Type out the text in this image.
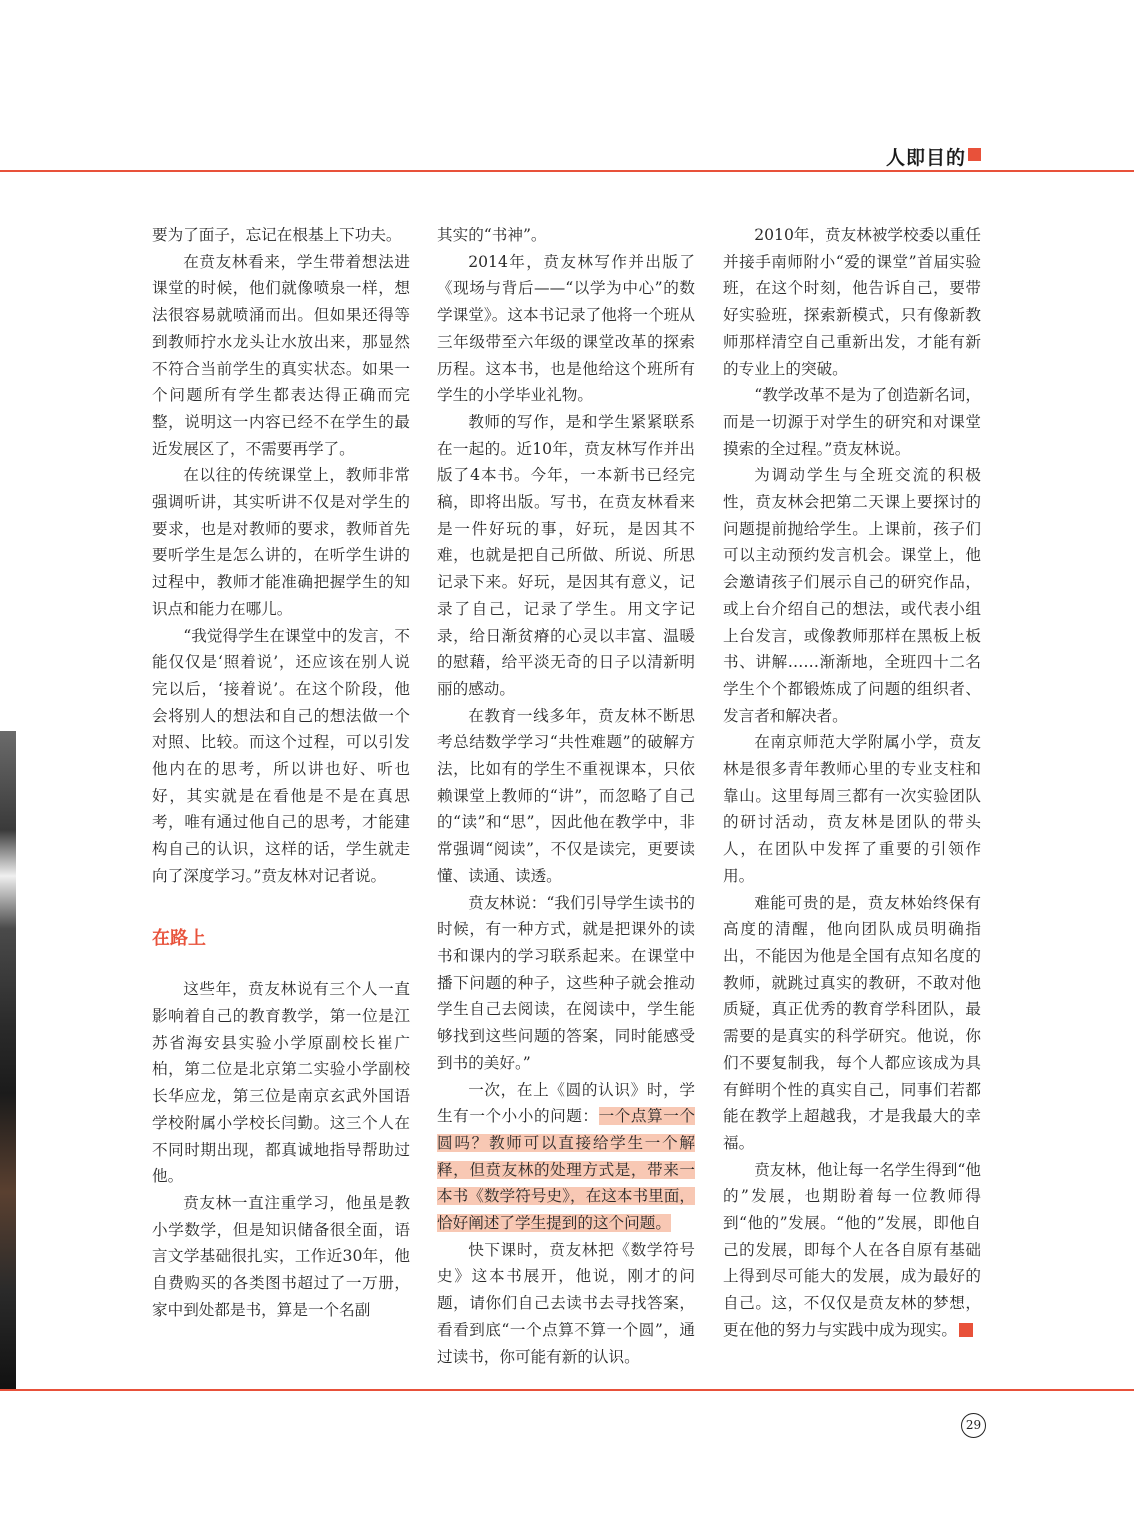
人即目的

要为了面子，忘记在根基上下功夫。

在贲友林看来，学生带着想法进课堂的时候，他们就像喷泉一样，想法很容易就喷涌而出。但如果还得等到教师拧水龙头让水放出来，那显然不符合当前学生的真实状态。如果一个问题所有学生都表达得正确而完整，说明这一内容已经不在学生的最近发展区了，不需要再学了。

在以往的传统课堂上，教师非常强调听讲，其实听讲不仅是对学生的要求，也是对教师的要求，教师首先要听学生是怎么讲的，在听学生讲的过程中，教师才能准确把握学生的知识点和能力在哪儿。

“我觉得学生在课堂中的发言，不能仅仅是‘照着说’，还应该在别人说完以后，‘接着说’。在这个阶段，他会将别人的想法和自己的想法做一个对照、比较。而这个过程，可以引发他内在的思考，所以讲也好、听也好，其实就是在看他是不是在真思考，唯有通过他自己的思考，才能建构自己的认识，这样的话，学生就走向了深度学习。”贲友林对记者说。

在路上

这些年，贲友林说有三个人一直影响着自己的教育教学，第一位是江苏省海安县实验小学原副校长崔广柏，第二位是北京第二实验小学副校长华应龙，第三位是南京玄武外国语学校附属小学校长闫勤。这三个人在不同时期出现，都真诚地指导帮助过他。

贲友林一直注重学习，他虽是教小学数学，但是知识储备很全面，语言文学基础很扎实，工作近30年，他自费购买的各类图书超过了一万册，家中到处都是书，算是一个名副

其实的“书神”。

2014年，贲友林写作并出版了《现场与背后——“以学为中心”的数学课堂》。这本书记录了他将一个班从三年级带至六年级的课堂改革的探索历程。这本书，也是他给这个班所有学生的小学毕业礼物。

教师的写作，是和学生紧紧联系在一起的。近10年，贲友林写作并出版了4本书。今年，一本新书已经完稿，即将出版。写书，在贲友林看来是一件好玩的事，好玩，是因其不难，也就是把自己所做、所说、所思记录下来。好玩，是因其有意义，记录了自己，记录了学生。用文字记录，给日渐贫瘠的心灵以丰富、温暖的慰藉，给平淡无奇的日子以清新明丽的感动。

在教育一线多年，贲友林不断思考总结数学学习“共性难题”的破解方法，比如有的学生不重视课本，只依赖课堂上教师的“讲”，而忽略了自己的“读”和“思”，因此他在教学中，非常强调“阅读”，不仅是读完，更要读懂、读通、读透。

贲友林说：“我们引导学生读书的时候，有一种方式，就是把课外的读书和课内的学习联系起来。在课堂中播下问题的种子，这些种子就会推动学生自己去阅读，在阅读中，学生能够找到这些问题的答案，同时能感受到书的美好。”

一次，在上《圆的认识》时，学生有一个小小的问题：一个点算一个圆吗？教师可以直接给学生一个解释，但贲友林的处理方式是，带来一本书《数学符号史》，在这本书里面，恰好阐述了学生提到的这个问题。

快下课时，贲友林把《数学符号史》这本书展开，他说，刚才的问题，请你们自己去读书去寻找答案，看看到底“一个点算不算一个圆”，通过读书，你可能有新的认识。

2010年，贲友林被学校委以重任并接手南师附小“爱的课堂”首届实验班，在这个时刻，他告诉自己，要带好实验班，探索新模式，只有像新教师那样清空自己重新出发，才能有新的专业上的突破。

“教学改革不是为了创造新名词，而是一切源于对学生的研究和对课堂摸索的全过程。”贲友林说。

为调动学生与全班交流的积极性，贲友林会把第二天课上要探讨的问题提前抛给学生。上课前，孩子们可以主动预约发言机会。课堂上，他会邀请孩子们展示自己的研究作品，或上台介绍自己的想法，或代表小组上台发言，或像教师那样在黑板上板书、讲解……渐渐地，全班四十二名学生个个都锻炼成了问题的组织者、发言者和解决者。

在南京师范大学附属小学，贲友林是很多青年教师心里的专业支柱和靠山。这里每周三都有一次实验团队的研讨活动，贲友林是团队的带头人，在团队中发挥了重要的引领作用。

难能可贵的是，贲友林始终保有高度的清醒，他向团队成员明确指出，不能因为他是全国有点知名度的教师，就跳过真实的教研，不敢对他质疑，真正优秀的教育学科团队，最需要的是真实的科学研究。他说，你们不要复制我，每个人都应该成为具有鲜明个性的真实自己，同事们若都能在教学上超越我，才是我最大的幸福。

贲友林，他让每一名学生得到“他的”发展，也期盼着每一位教师得到“他的”发展。“他的”发展，即他自己的发展，即每个人在各自原有基础上得到尽可能大的发展，成为最好的自己。这，不仅仅是贲友林的梦想，更在他的努力与实践中成为现实。

29
